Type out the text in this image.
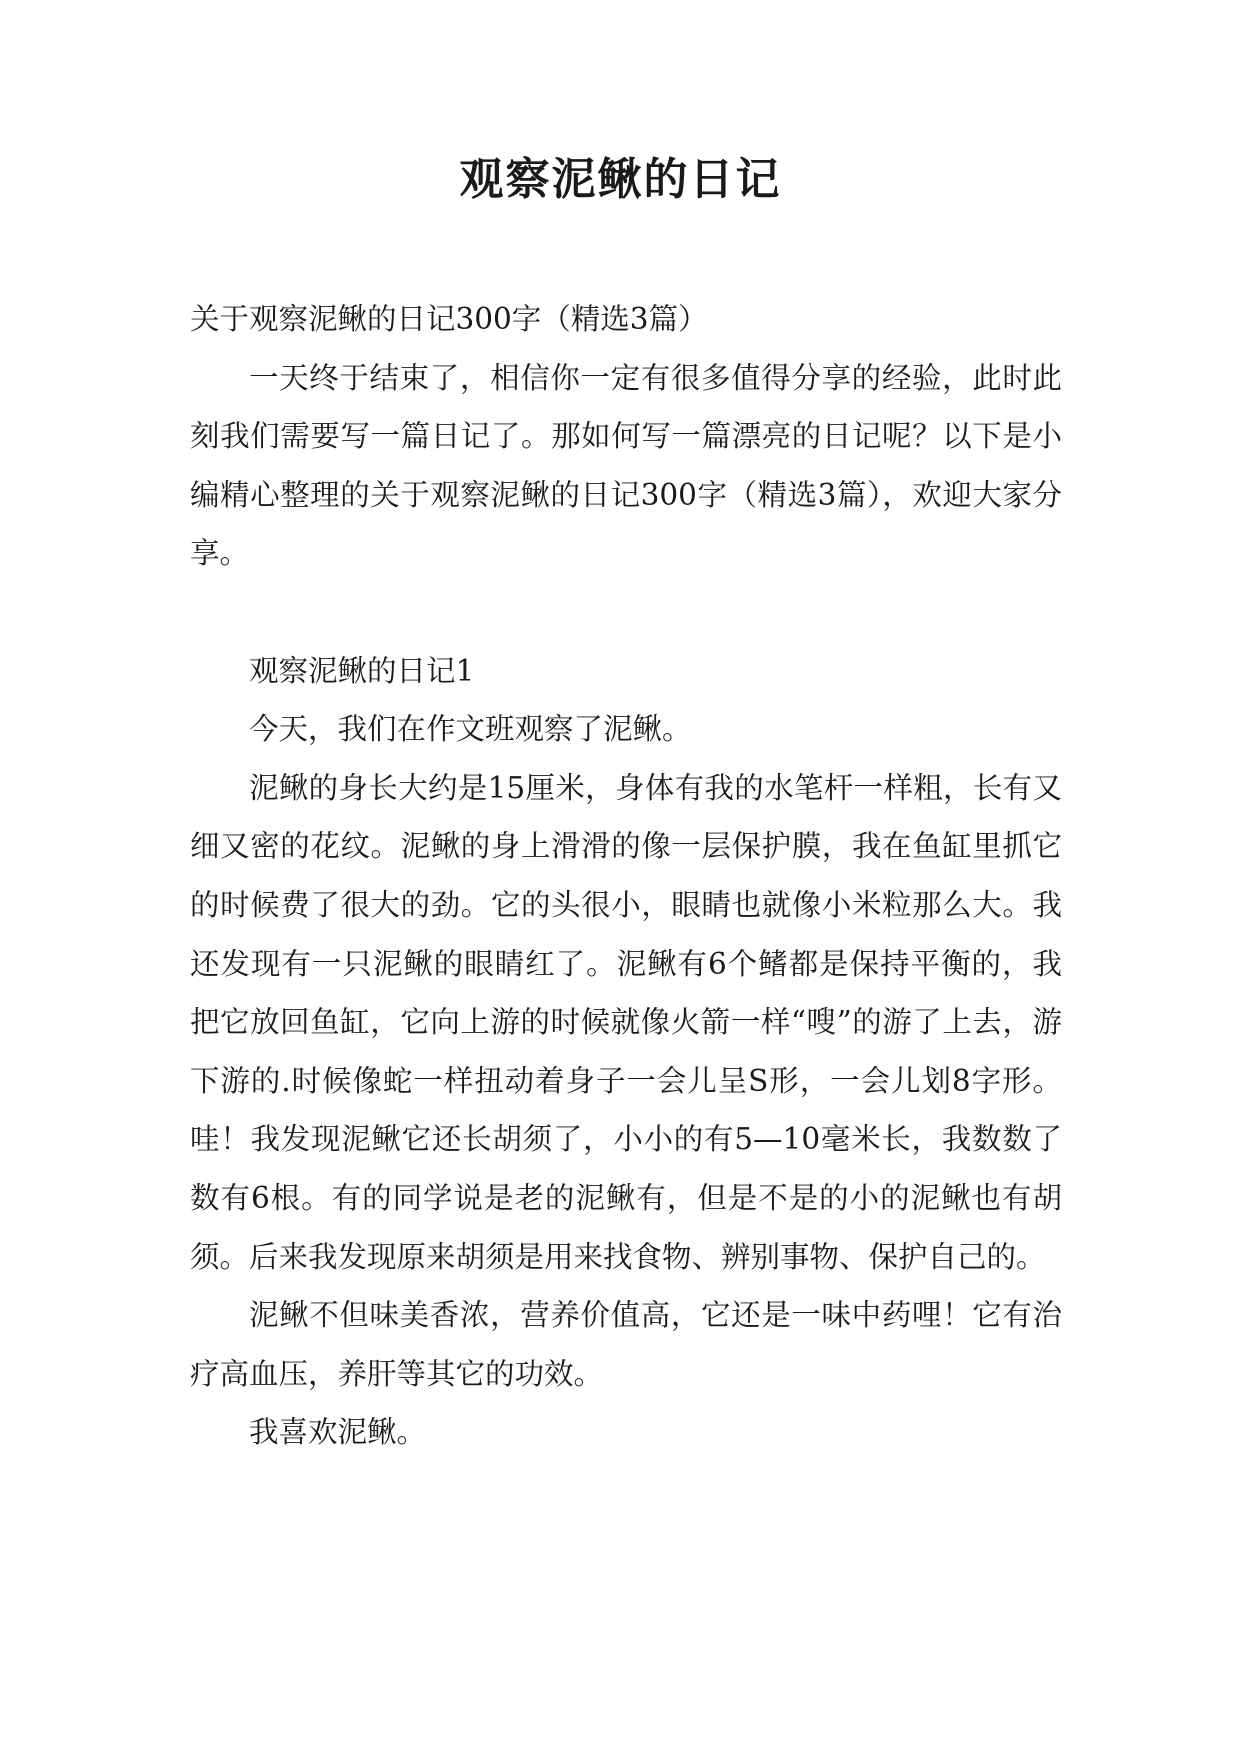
观察泥鳅的日记

关于观察泥鳅的日记300字（精选3篇）

一天终于结束了，相信你一定有很多值得分享的经验，此时此刻我们需要写一篇日记了。那如何写一篇漂亮的日记呢？以下是小编精心整理的关于观察泥鳅的日记300字（精选3篇），欢迎大家分享。

观察泥鳅的日记1

今天，我们在作文班观察了泥鳅。

泥鳅的身长大约是15厘米，身体有我的水笔杆一样粗，长有又细又密的花纹。泥鳅的身上滑滑的像一层保护膜，我在鱼缸里抓它的时候费了很大的劲。它的头很小，眼睛也就像小米粒那么大。我还发现有一只泥鳅的眼睛红了。泥鳅有6个鳍都是保持平衡的，我把它放回鱼缸，它向上游的时候就像火箭一样“嗖”的游了上去，游下游的.时候像蛇一样扭动着身子一会儿呈S形，一会儿划8字形。哇！我发现泥鳅它还长胡须了，小小的有5—10毫米长，我数数了数有6根。有的同学说是老的泥鳅有，但是不是的小的泥鳅也有胡须。后来我发现原来胡须是用来找食物、辨别事物、保护自己的。

泥鳅不但味美香浓，营养价值高，它还是一味中药哩！它有治疗高血压，养肝等其它的功效。

我喜欢泥鳅。
